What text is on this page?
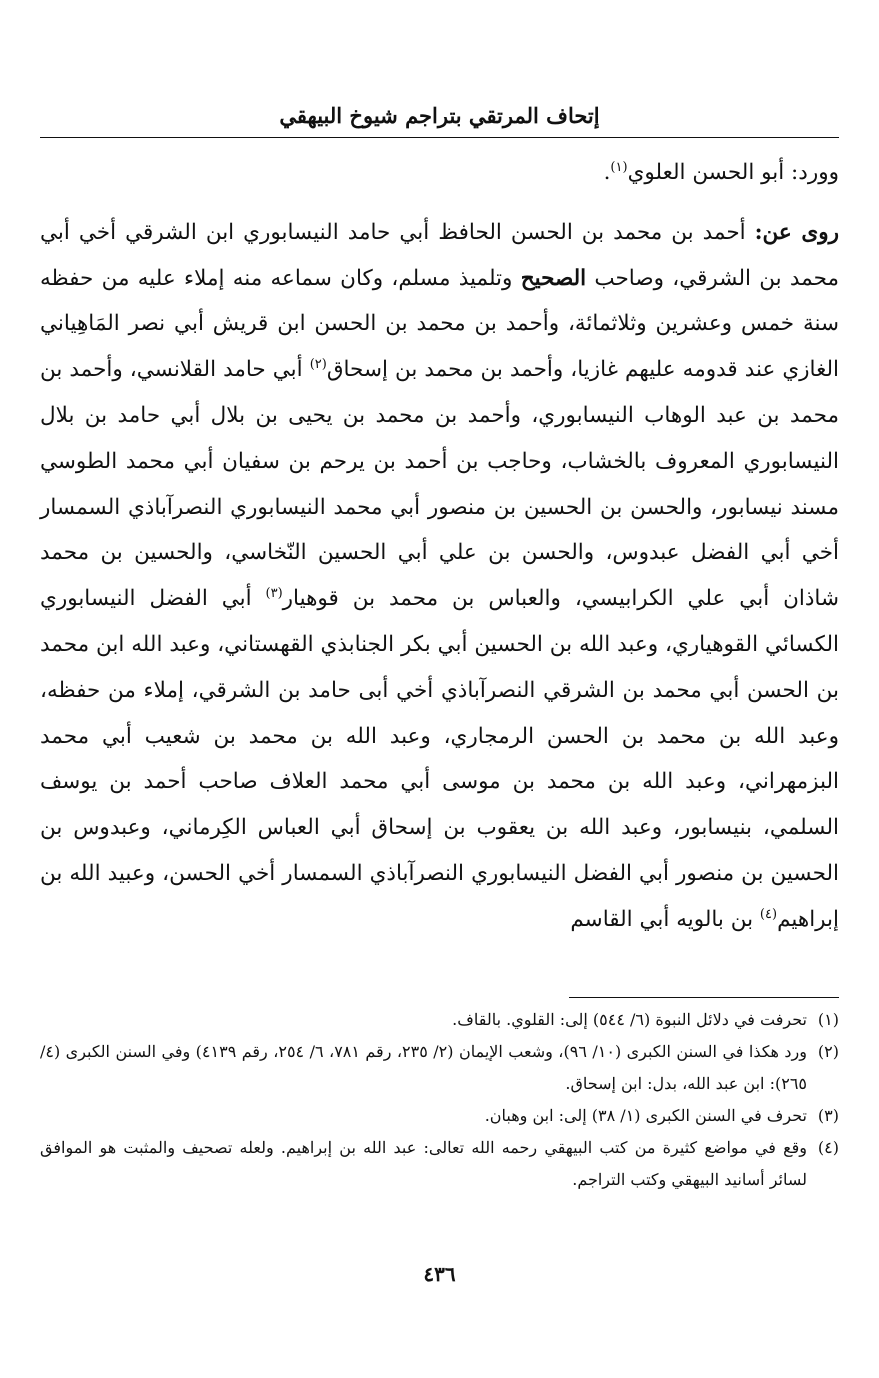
إتحاف المرتقي بتراجم شيوخ البيهقي

وورد: أبو الحسن العلوي$^{(١)}$.

روى عن: أحمد بن محمد بن الحسن الحافظ أبي حامد النيسابوري ابن الشرقي أخي أبي محمد بن الشرقي، وصاحب الصحيح وتلميذ مسلم، وكان سماعه منه إملاء عليه من حفظه سنة خمس وعشرين وثلاثمائة، وأحمد بن محمد بن الحسن ابن قريش أبي نصر المَاهِياني الغازي عند قدومه عليهم غازيا، وأحمد بن محمد بن إسحاق$^{(٢)}$ أبي حامد القلانسي، وأحمد بن محمد بن عبد الوهاب النيسابوري، وأحمد بن محمد بن يحيى بن بلال أبي حامد بن بلال النيسابوري المعروف بالخشاب، وحاجب بن أحمد بن يرحم بن سفيان أبي محمد الطوسي مسند نيسابور، والحسن بن الحسين بن منصور أبي محمد النيسابوري النصرآباذي السمسار أخي أبي الفضل عبدوس، والحسن بن علي أبي الحسين النّخاسي، والحسين بن محمد شاذان أبي علي الكرابيسي، والعباس بن محمد بن قوهيار$^{(٣)}$ أبي الفضل النيسابوري الكسائي القوهياري، وعبد الله بن الحسين أبي بكر الجنابذي القهستاني، وعبد الله ابن محمد بن الحسن أبي محمد بن الشرقي النصرآباذي أخي أبى حامد بن الشرقي، إملاء من حفظه، وعبد الله بن محمد بن الحسن الرمجاري، وعبد الله بن محمد بن شعيب أبي محمد البزمهراني، وعبد الله بن محمد بن موسى أبي محمد العلاف صاحب أحمد بن يوسف السلمي، بنيسابور، وعبد الله بن يعقوب بن إسحاق أبي العباس الكِرماني، وعبدوس بن الحسين بن منصور أبي الفضل النيسابوري النصرآباذي السمسار أخي الحسن، وعبيد الله بن إبراهيم$^{(٤)}$ بن بالويه أبي القاسم

(١)
تحرفت في دلائل النبوة (٦/ ٥٤٤) إلى: القلوي. بالقاف.
(٢)
ورد هكذا في السنن الكبرى (١٠/ ٩٦)، وشعب الإيمان (٢/ ٢٣٥، رقم ٧٨١، ٦/ ٢٥٤، رقم ٤١٣٩) وفي السنن الكبرى (٤/ ٢٦٥): ابن عبد الله، بدل: ابن إسحاق.
(٣)
تحرف في السنن الكبرى (١/ ٣٨) إلى: ابن وهبان.
(٤)
وقع في مواضع كثيرة من كتب البيهقي رحمه الله تعالى: عبد الله بن إبراهيم. ولعله تصحيف والمثبت هو الموافق لسائر أسانيد البيهقي وكتب التراجم.
٤٣٦
